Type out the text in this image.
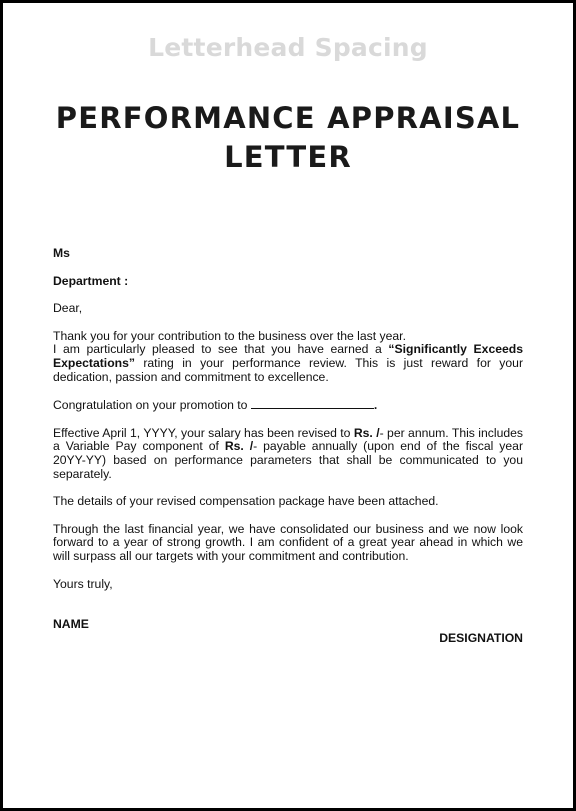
Letterhead Spacing
PERFORMANCE APPRAISAL
LETTER
Ms
Department :
Dear,
Thank you for your contribution to the business over the last year.
I am particularly pleased to see that you have earned a “Significantly Exceeds Expectations” rating in your performance review. This is just reward for your dedication, passion and commitment to excellence.
Congratulation on your promotion to	.
Effective April 1, YYYY, your salary has been revised to Rs. /- per annum. This includes a Variable Pay component of Rs. /- payable annually (upon end of the fiscal year 20YY-YY) based on performance parameters that shall be communicated to you separately.
The details of your revised compensation package have been attached.
Through the last financial year, we have consolidated our business and we now look forward to a year of strong growth. I am confident of a great year ahead in which we will surpass all our targets with your commitment and contribution.
Yours truly,
NAME
DESIGNATION
